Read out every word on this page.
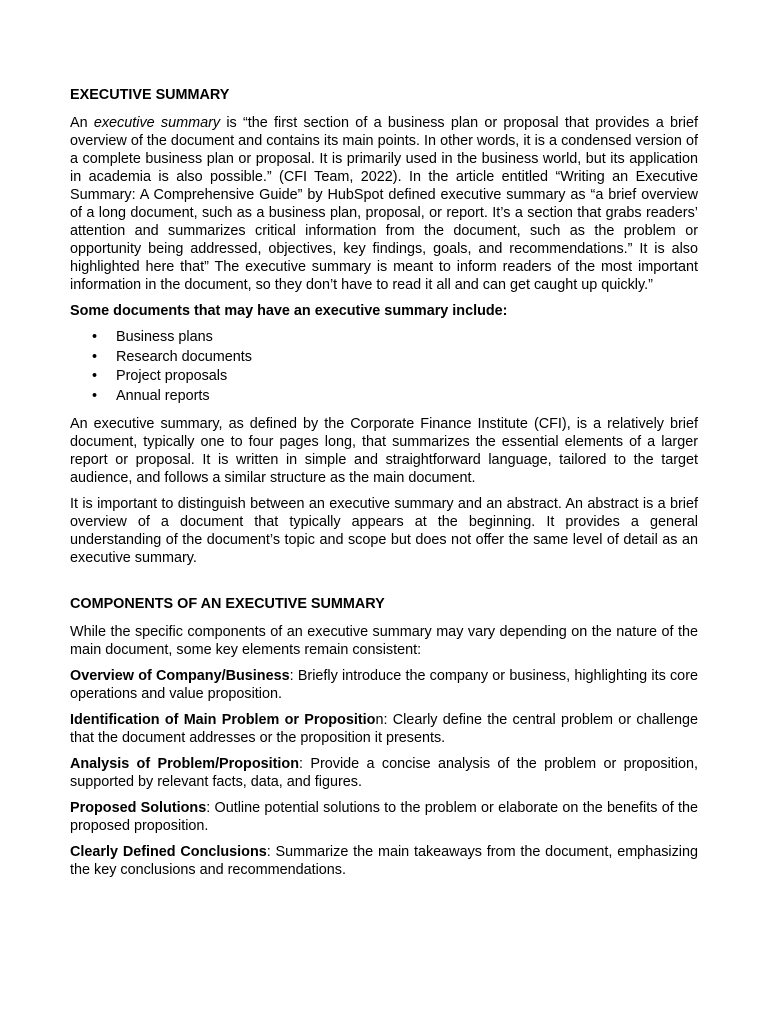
EXECUTIVE SUMMARY

An executive summary is “the first section of a business plan or proposal that provides a brief overview of the document and contains its main points. In other words, it is a condensed version of a complete business plan or proposal. It is primarily used in the business world, but its application in academia is also possible.” (CFI Team, 2022). In the article entitled “Writing an Executive Summary: A Comprehensive Guide” by HubSpot defined executive summary as “a brief overview of a long document, such as a business plan, proposal, or report. It’s a section that grabs readers’ attention and summarizes critical information from the document, such as the problem or opportunity being addressed, objectives, key findings, goals, and recommendations.” It is also highlighted here that” The executive summary is meant to inform readers of the most important information in the document, so they don’t have to read it all and can get caught up quickly.”

Some documents that may have an executive summary include:

• Business plans
• Research documents
• Project proposals
• Annual reports

An executive summary, as defined by the Corporate Finance Institute (CFI), is a relatively brief document, typically one to four pages long, that summarizes the essential elements of a larger report or proposal. It is written in simple and straightforward language, tailored to the target audience, and follows a similar structure as the main document.

It is important to distinguish between an executive summary and an abstract. An abstract is a brief overview of a document that typically appears at the beginning. It provides a general understanding of the document’s topic and scope but does not offer the same level of detail as an executive summary.

COMPONENTS OF AN EXECUTIVE SUMMARY

While the specific components of an executive summary may vary depending on the nature of the main document, some key elements remain consistent:

Overview of Company/Business: Briefly introduce the company or business, highlighting its core operations and value proposition.

Identification of Main Problem or Proposition: Clearly define the central problem or challenge that the document addresses or the proposition it presents.

Analysis of Problem/Proposition: Provide a concise analysis of the problem or proposition, supported by relevant facts, data, and figures.

Proposed Solutions: Outline potential solutions to the problem or elaborate on the benefits of the proposed proposition.

Clearly Defined Conclusions: Summarize the main takeaways from the document, emphasizing the key conclusions and recommendations.
